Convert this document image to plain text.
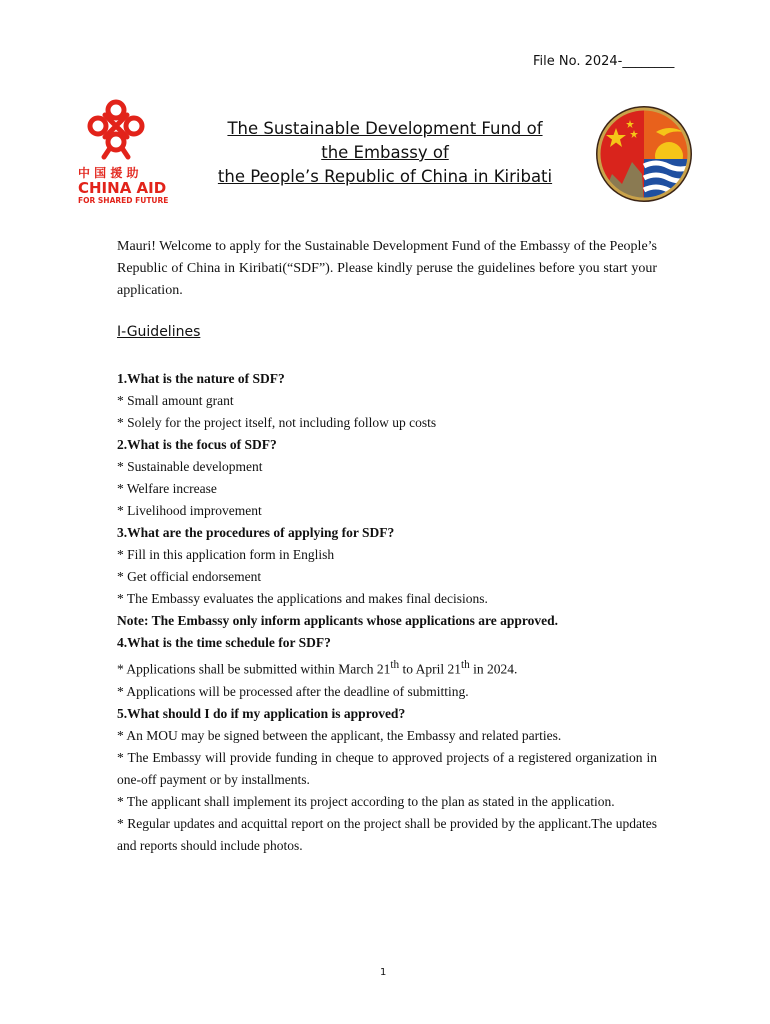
File No. 2024-________
中 国 援 助
CHINA AID
FOR SHARED FUTURE
The Sustainable Development Fund of
the Embassy of
the People’s Republic of China in Kiribati
Mauri! Welcome to apply for the Sustainable Development Fund of the Embassy of the People’s Republic of China in Kiribati(“SDF”). Please kindly peruse the guidelines before you start your application.
I-Guidelines

1.What is the nature of SDF?

* Small amount grant

* Solely for the project itself, not including follow up costs

2.What is the focus of SDF?

* Sustainable development

* Welfare increase

* Livelihood improvement

3.What are the procedures of applying for SDF?

* Fill in this application form in English

* Get official endorsement

* The Embassy evaluates the applications and makes final decisions.

Note: The Embassy only inform applicants whose applications are approved.

4.What is the time schedule for SDF?

* Applications shall be submitted within March 21th to April 21th in 2024.

* Applications will be processed after the deadline of submitting.

5.What should I do if my application is approved?

* An MOU may be signed between the applicant, the Embassy and related parties.

* The Embassy will provide funding in cheque to approved projects of a registered organization in one-off payment or by installments.

* The applicant shall implement its project according to the plan as stated in the application.

* Regular updates and acquittal report on the project shall be provided by the applicant.The updates and reports should include photos.

1
